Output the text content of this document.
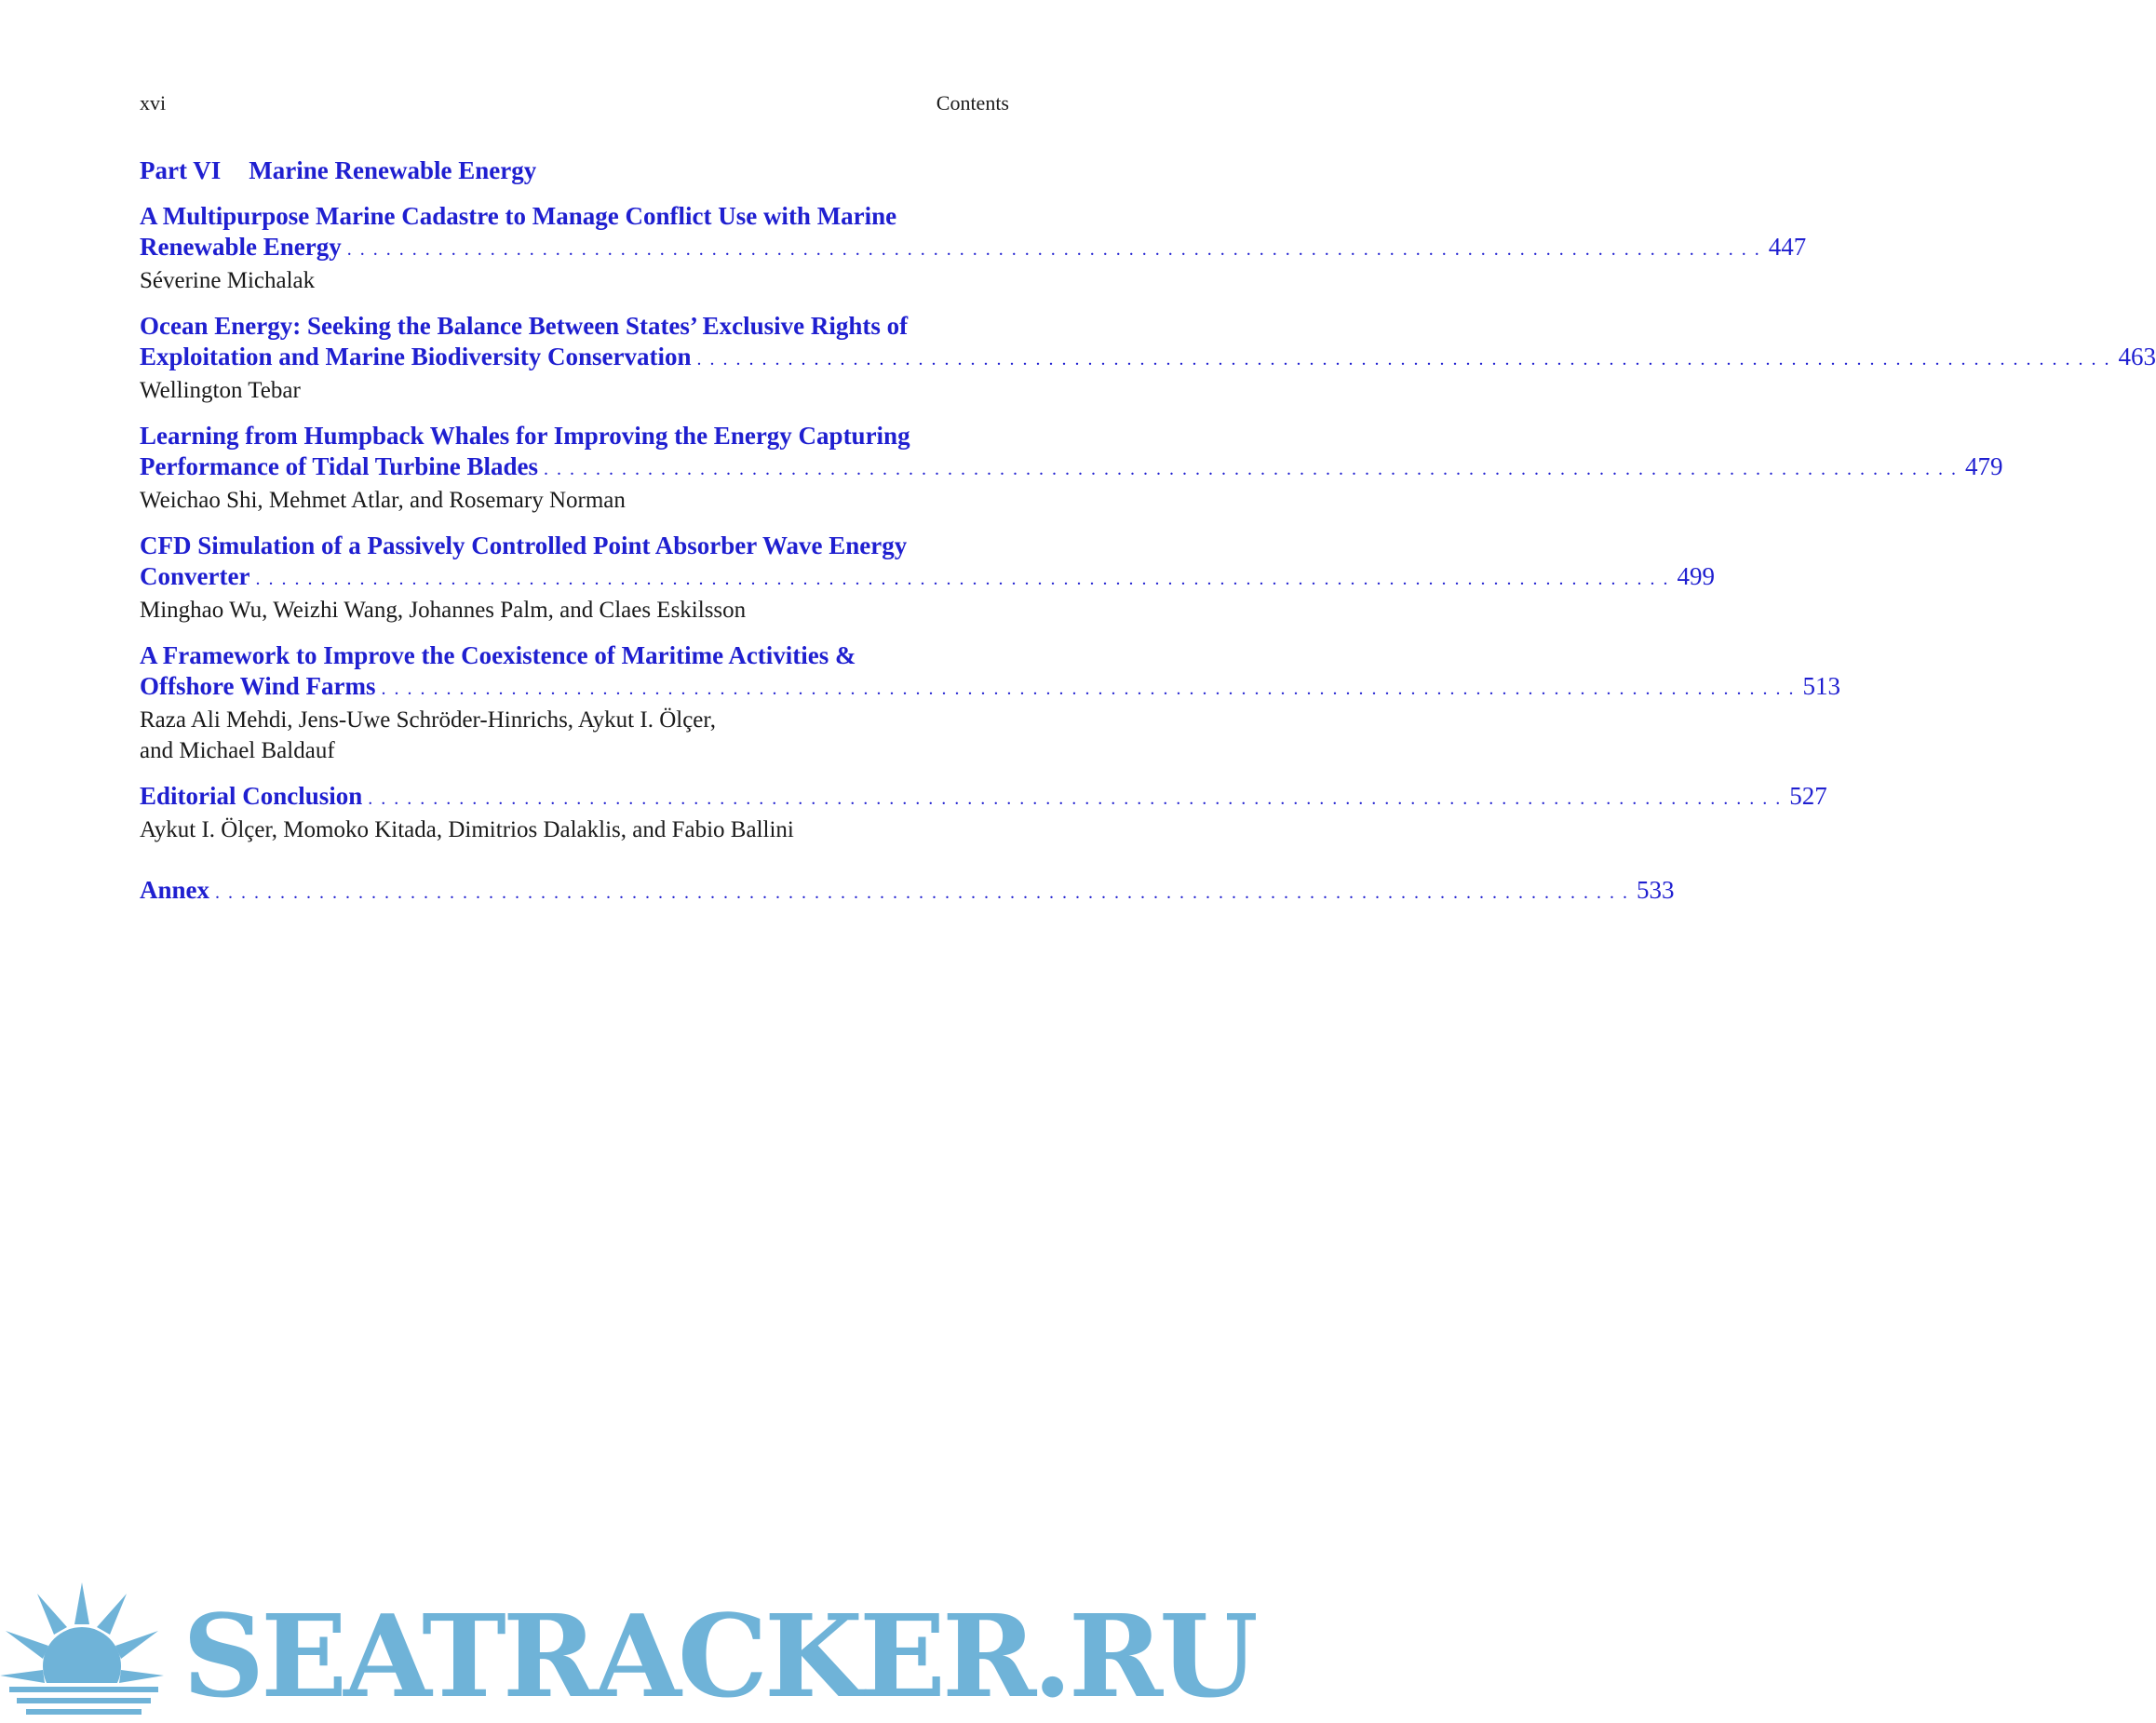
xvi	Contents
Part VI Marine Renewable Energy
A Multipurpose Marine Cadastre to Manage Conflict Use with Marine
Renewable Energy . . .	447
Séverine Michalak
Ocean Energy: Seeking the Balance Between States’ Exclusive Rights of
Exploitation and Marine Biodiversity Conservation . . .	463
Wellington Tebar
Learning from Humpback Whales for Improving the Energy Capturing
Performance of Tidal Turbine Blades . . .	479
Weichao Shi, Mehmet Atlar, and Rosemary Norman
CFD Simulation of a Passively Controlled Point Absorber Wave Energy
Converter . . .	499
Minghao Wu, Weizhi Wang, Johannes Palm, and Claes Eskilsson
A Framework to Improve the Coexistence of Maritime Activities &
Offshore Wind Farms . . .	513
Raza Ali Mehdi, Jens-Uwe Schröder-Hinrichs, Aykut I. Ölçer,
and Michael Baldauf
Editorial Conclusion . . .	527
Aykut I. Ölçer, Momoko Kitada, Dimitrios Dalaklis, and Fabio Ballini
Annex . . .	533
SEATRACKER.RU
